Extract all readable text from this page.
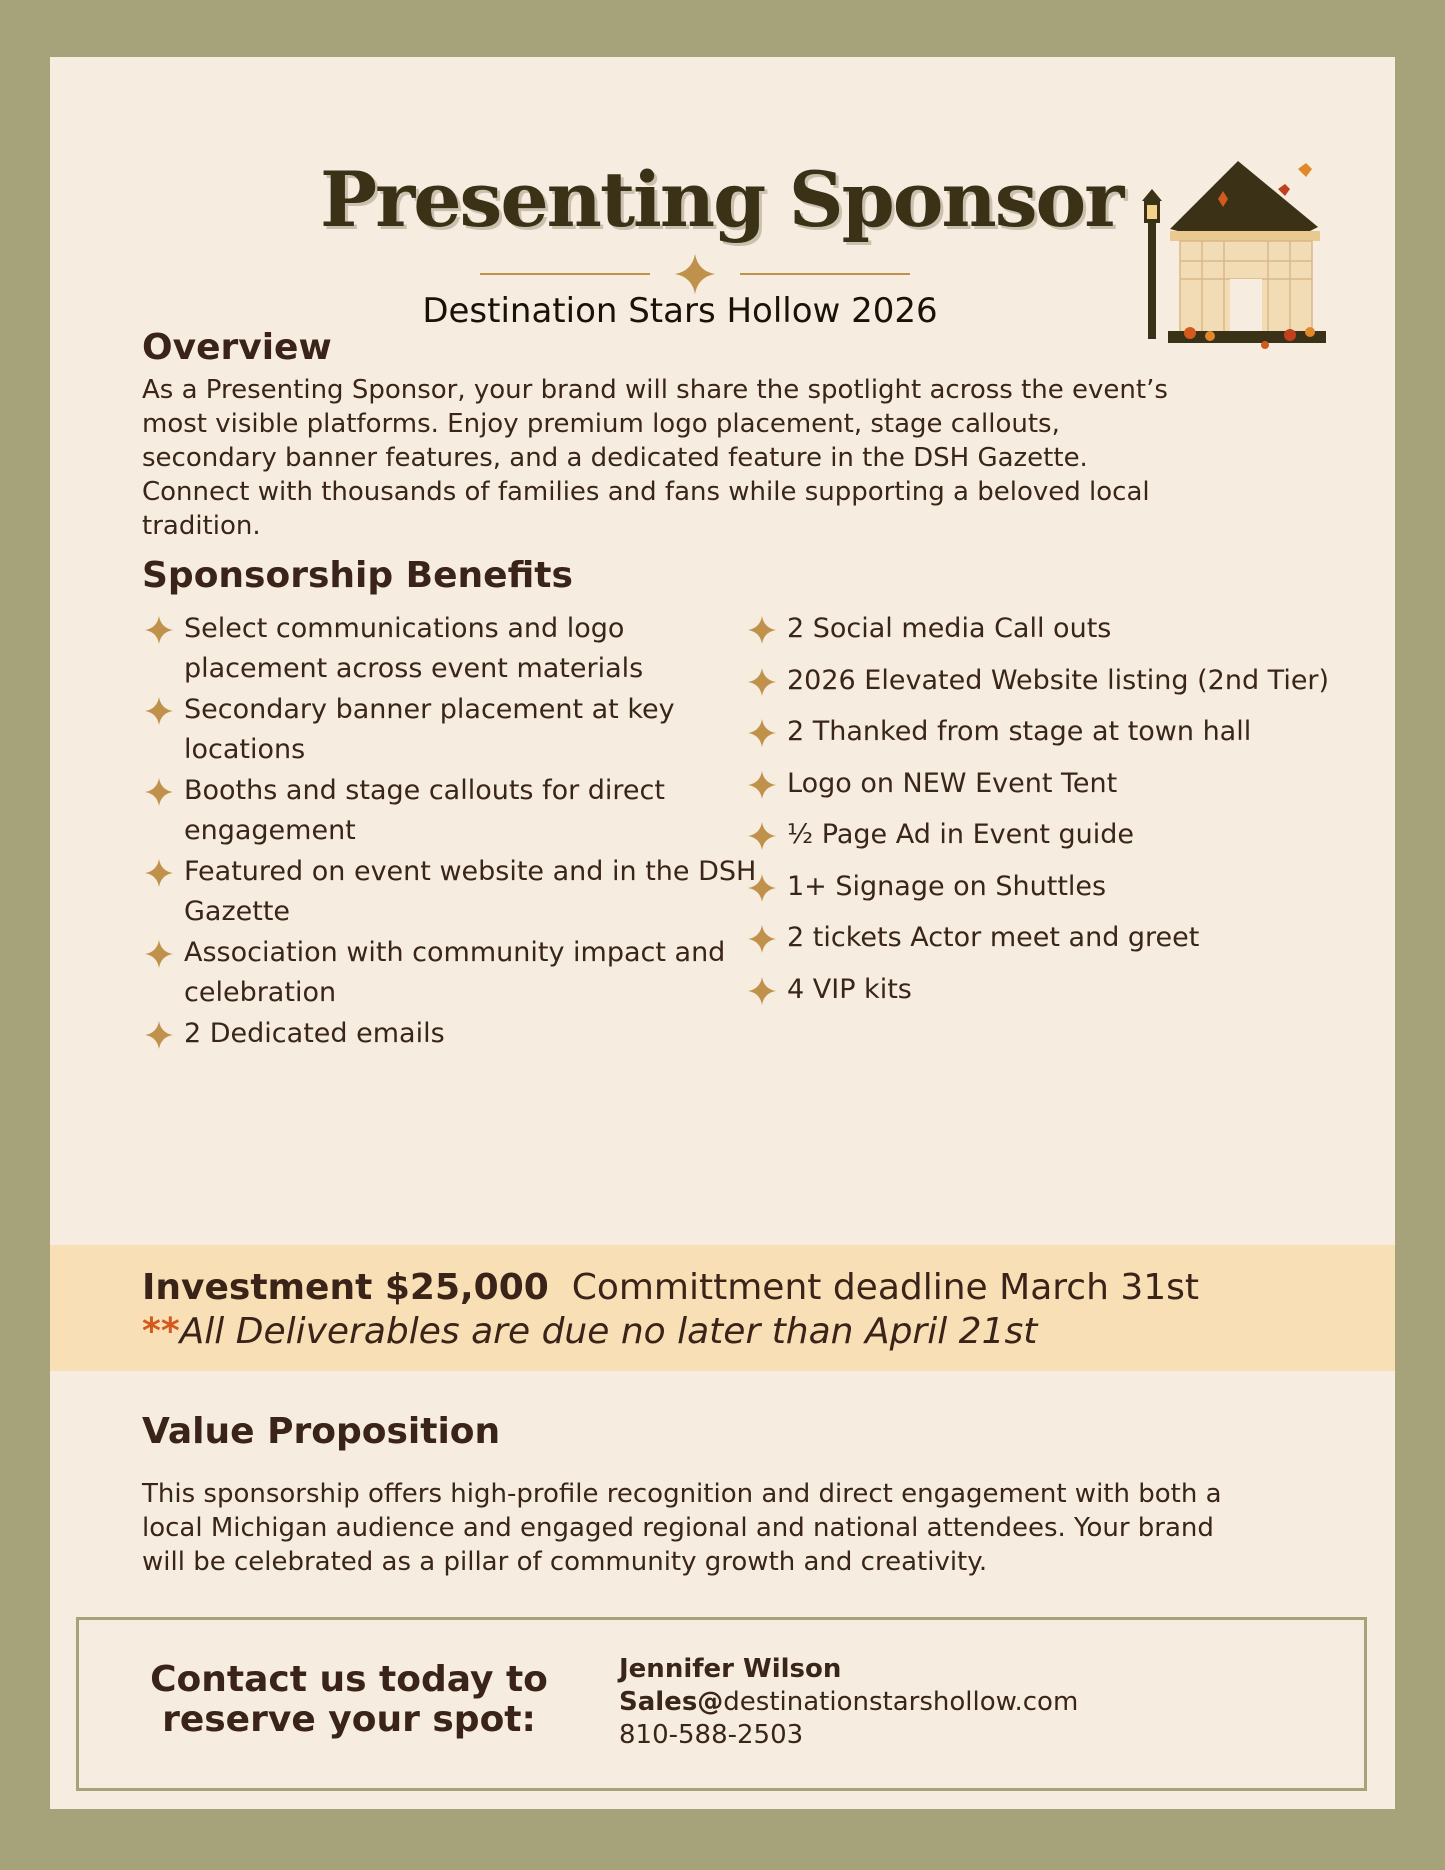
Presenting Sponsor

Destination Stars Hollow 2026

Overview

As a Presenting Sponsor, your brand will share the spotlight across the event’s most visible platforms. Enjoy premium logo placement, stage callouts, secondary banner features, and a dedicated feature in the DSH Gazette. Connect with thousands of families and fans while supporting a beloved local tradition.

Sponsorship Benefits
Select communications and logo placement across event materials
Secondary banner placement at key locations
Booths and stage callouts for direct engagement
Featured on event website and in the DSH Gazette
Association with community impact and celebration
2 Dedicated emails
2 Social media Call outs
2026 Elevated Website listing (2nd Tier)
2 Thanked from stage at town hall
Logo on NEW Event Tent
½ Page Ad in Event guide
1+ Signage on Shuttles
2 tickets Actor meet and greet
4 VIP kits
Investment $25,000 Committment deadline March 31st
**All Deliverables are due no later than April 21st
Value Proposition

This sponsorship offers high-profile recognition and direct engagement with both a local Michigan audience and engaged regional and national attendees. Your brand will be celebrated as a pillar of community growth and creativity.

Contact us today to reserve your spot:
Jennifer Wilson
Sales@destinationstarshollow.com
810-588-2503
